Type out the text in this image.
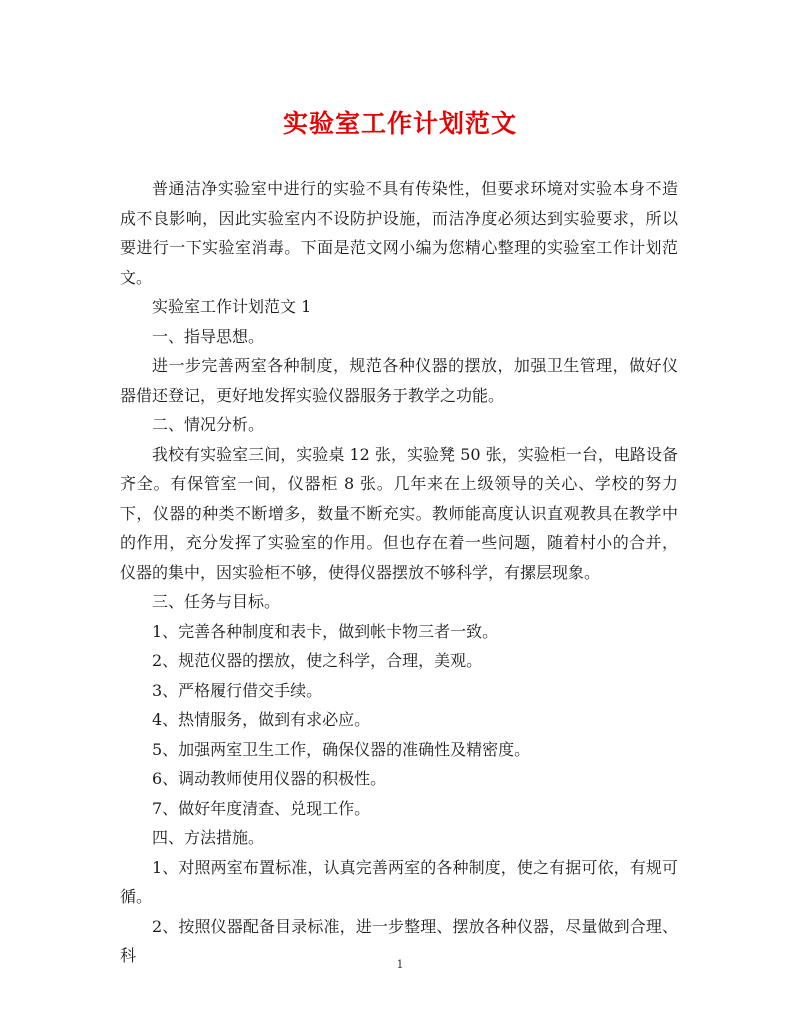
实验室工作计划范文

普通洁净实验室中进行的实验不具有传染性，但要求环境对实验本身不造成不良影响，因此实验室内不设防护设施，而洁净度必须达到实验要求，所以要进行一下实验室消毒。下面是范文网小编为您精心整理的实验室工作计划范文。

实验室工作计划范文 1

一、指导思想。

进一步完善两室各种制度，规范各种仪器的摆放，加强卫生管理，做好仪器借还登记，更好地发挥实验仪器服务于教学之功能。

二、情况分析。

我校有实验室三间，实验桌 12 张，实验凳 50 张，实验柜一台，电路设备齐全。有保管室一间，仪器柜 8 张。几年来在上级领导的关心、学校的努力下，仪器的种类不断增多，数量不断充实。教师能高度认识直观教具在教学中的作用，充分发挥了实验室的作用。但也存在着一些问题，随着村小的合并，仪器的集中，因实验柜不够，使得仪器摆放不够科学，有摞层现象。

三、任务与目标。

1、完善各种制度和表卡，做到帐卡物三者一致。

2、规范仪器的摆放，使之科学，合理，美观。

3、严格履行借交手续。

4、热情服务，做到有求必应。

5、加强两室卫生工作，确保仪器的准确性及精密度。

6、调动教师使用仪器的积极性。

7、做好年度清查、兑现工作。

四、方法措施。

1、对照两室布置标准，认真完善两室的各种制度，使之有据可依，有规可循。

2、按照仪器配备目录标准，进一步整理、摆放各种仪器，尽量做到合理、科	1
